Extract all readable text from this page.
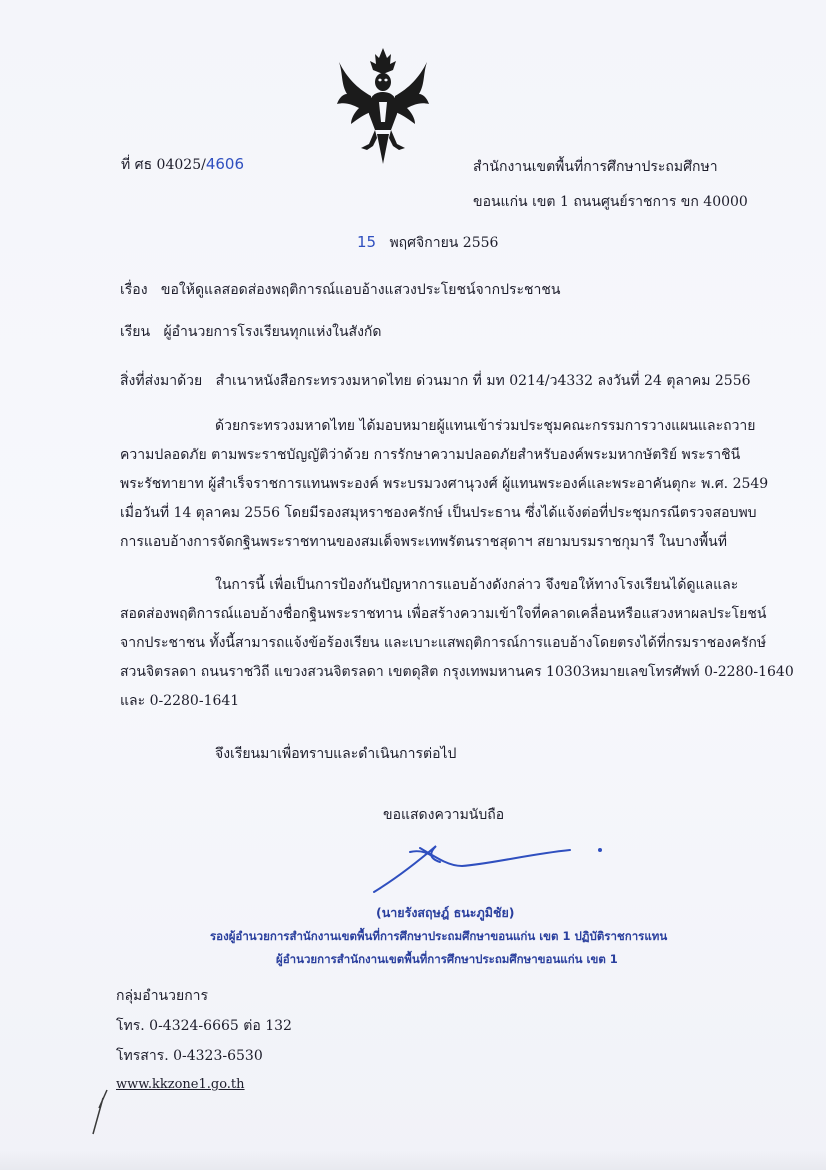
ที่ ศธ 04025/4606	สำนักงานเขตพื้นที่การศึกษาประถมศึกษา
ขอนแก่น เขต 1 ถนนศูนย์ราชการ ขก 40000
15 พฤศจิกายน 2556
เรื่อง ขอให้ดูแลสอดส่องพฤติการณ์แอบอ้างแสวงประโยชน์จากประชาชน
เรียน ผู้อำนวยการโรงเรียนทุกแห่งในสังกัด
สิ่งที่ส่งมาด้วย สำเนาหนังสือกระทรวงมหาดไทย ด่วนมาก ที่ มท 0214/ว4332 ลงวันที่ 24 ตุลาคม 2556
ด้วยกระทรวงมหาดไทย ได้มอบหมายผู้แทนเข้าร่วมประชุมคณะกรรมการวางแผนและถวาย
ความปลอดภัย ตามพระราชบัญญัติว่าด้วย การรักษาความปลอดภัยสำหรับองค์พระมหากษัตริย์ พระราชินี
พระรัชทายาท ผู้สำเร็จราชการแทนพระองค์ พระบรมวงศานุวงศ์ ผู้แทนพระองค์และพระอาคันตุกะ พ.ศ. 2549
เมื่อวันที่ 14 ตุลาคม 2556 โดยมีรองสมุหราชองครักษ์ เป็นประธาน ซึ่งได้แจ้งต่อที่ประชุมกรณีตรวจสอบพบ
การแอบอ้างการจัดกฐินพระราชทานของสมเด็จพระเทพรัตนราชสุดาฯ สยามบรมราชกุมารี ในบางพื้นที่
ในการนี้ เพื่อเป็นการป้องกันปัญหาการแอบอ้างดังกล่าว จึงขอให้ทางโรงเรียนได้ดูแลและ
สอดส่องพฤติการณ์แอบอ้างชื่อกฐินพระราชทาน เพื่อสร้างความเข้าใจที่คลาดเคลื่อนหรือแสวงหาผลประโยชน์
จากประชาชน ทั้งนี้สามารถแจ้งข้อร้องเรียน และเบาะแสพฤติการณ์การแอบอ้างโดยตรงได้ที่กรมราชองครักษ์
สวนจิตรลดา ถนนราชวิถี แขวงสวนจิตรลดา เขตดุสิต กรุงเทพมหานคร 10303หมายเลขโทรศัพท์ 0-2280-1640
และ 0-2280-1641
จึงเรียนมาเพื่อทราบและดำเนินการต่อไป
ขอแสดงความนับถือ
(นายรังสฤษฎ์ ธนะภูมิชัย)
รองผู้อำนวยการสำนักงานเขตพื้นที่การศึกษาประถมศึกษาขอนแก่น เขต 1 ปฏิบัติราชการแทน
ผู้อำนวยการสำนักงานเขตพื้นที่การศึกษาประถมศึกษาขอนแก่น เขต 1
กลุ่มอำนวยการ
โทร. 0-4324-6665 ต่อ 132
โทรสาร. 0-4323-6530
www.kkzone1.go.th
